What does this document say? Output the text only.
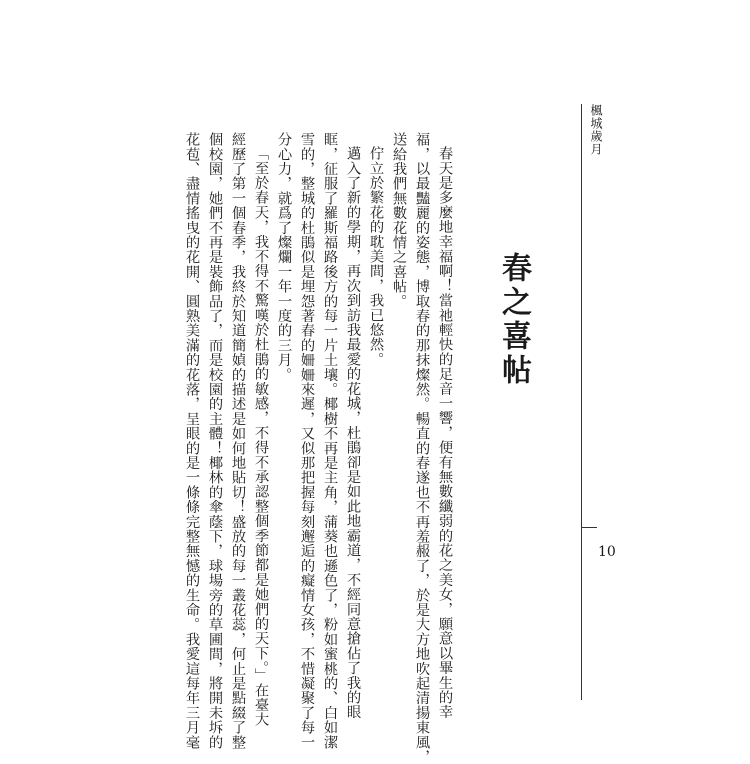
楓城歲月
10
春之喜帖
春天是多麼地幸福啊！當祂輕快的足音一響，便有無數纖弱的花之美女，願意以畢生的幸
福，以最豔麗的姿態，博取春的那抹燦然。暢直的春遂也不再羞赧了，於是大方地吹起清揚東風，
送給我們無數花情之喜帖。
佇立於繁花的耽美間，我已悠然。
邁入了新的學期，再次到訪我最愛的花城，杜鵑卻是如此地霸道，不經同意搶佔了我的眼
眶，征服了羅斯福路後方的每一片土壤。椰樹不再是主角，蒲葵也遜色了，粉如蜜桃的、白如潔
雪的，整城的杜鵑似是埋怨著春的姍姍來遲，又似那把握每刻邂逅的癡情女孩，不惜凝聚了每一
分心力，就爲了燦爛一年一度的三月。
「至於春天，我不得不驚嘆於杜鵑的敏感，不得不承認整個季節都是她們的天下。」在臺大
經歷了第一個春季，我終於知道簡媜的描述是如何地貼切！盛放的每一叢花蕊，何止是點綴了整
個校園，她們不再是裝飾品了，而是校園的主體！椰林的傘蔭下，球場旁的草圃間，將開未坼的
花苞、盡情搖曳的花開、圓熟美滿的花落，呈眼的是一條條完整無憾的生命。我愛這每年三月毫
